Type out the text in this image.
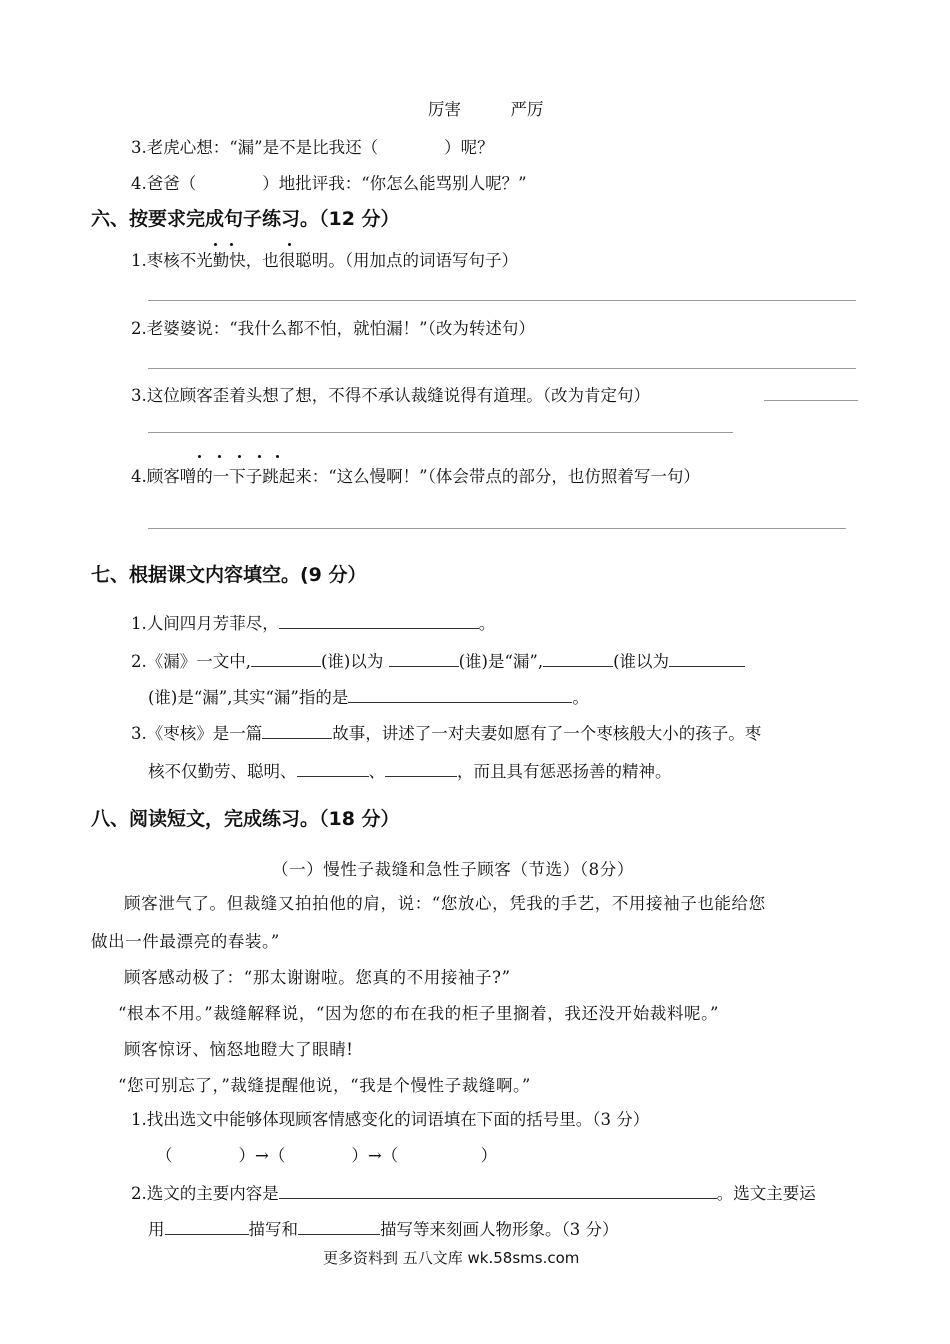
厉害　　　严厉
3.老虎心想：“漏”是不是比我还（　　　　）呢？
4.爸爸（　　　　）地批评我：“你怎么能骂别人呢？”
六、按要求完成句子练习。（12 分）
1.枣核不光勤快，也很聪明。（用加点的词语写句子）
2.老婆婆说：“我什么都不怕，就怕漏！”（改为转述句）
3.这位顾客歪着头想了想，不得不承认裁缝说得有道理。（改为肯定句）
4.顾客噌的一下子跳起来：“这么慢啊！”（体会带点的部分，也仿照着写一句）
七、根据课文内容填空。(9 分）
1.人间四月芳菲尽，	。
2.《漏》一文中,	(谁)以为	(谁)是“漏”,	(谁以为
(谁)是“漏”,其实“漏”指的是	。
3.《枣核》是一篇	故事，讲述了一对夫妻如愿有了一个枣核般大小的孩子。枣
核不仅勤劳、聪明、	、	，而且具有惩恶扬善的精神。
八、阅读短文，完成练习。（18 分）
（一）慢性子裁缝和急性子顾客（节选）（8分）
顾客泄气了。但裁缝又拍拍他的肩，说：“您放心，凭我的手艺，不用接袖子也能给您
做出一件最漂亮的春装。”
顾客感动极了：“那太谢谢啦。您真的不用接袖子?”
“根本不用。”裁缝解释说，“因为您的布在我的柜子里搁着，我还没开始裁料呢。”
顾客惊讶、恼怒地瞪大了眼睛!
“您可别忘了，”裁缝提醒他说，“我是个慢性子裁缝啊。”
1.找出选文中能够体现顾客情感变化的词语填在下面的括号里。（3 分）
（　　　　）→（　　　　）→（　　　　　）
2.选文的主要内容是	。选文主要运
用	描写和	描写等来刻画人物形象。（3 分）
更多资料到 五八文库 wk.58sms.com
